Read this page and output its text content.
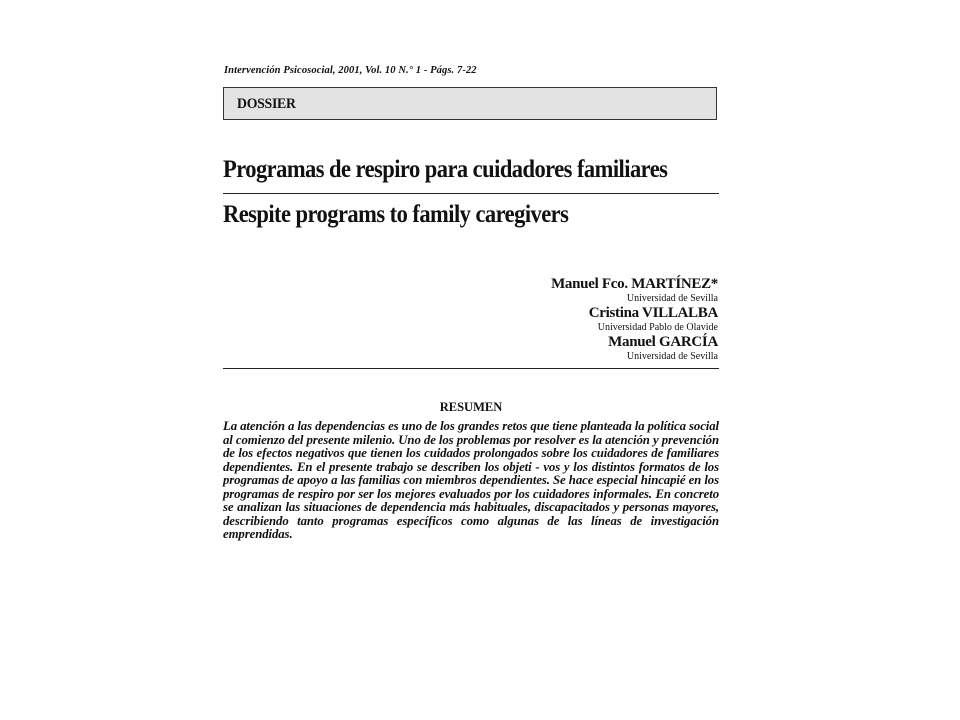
Intervención Psicosocial, 2001, Vol. 10 N.° 1 - Págs. 7-22
DOSSIER
Programas de respiro para cuidadores familiares
Respite programs to family caregivers
Manuel Fco. MARTÍNEZ*
Universidad de Sevilla
Cristina VILLALBA
Universidad Pablo de Olavide
Manuel GARCÍA
Universidad de Sevilla
RESUMEN
La atención a las dependencias es uno de los grandes retos que tiene planteada la política social al comienzo del presente milenio. Uno de los problemas por resolver es la atención y prevención de los efectos negativos que tienen los cuidados prolongados sobre los cuidadores de familiares dependientes. En el presente trabajo se describen los objeti - vos y los distintos formatos de los programas de apoyo a las familias con miembros dependientes. Se hace especial hincapié en los programas de respiro por ser los mejores evaluados por los cuidadores informales. En concreto se analizan las situaciones de dependencia más habituales, discapacitados y personas mayores, describiendo tanto programas específicos como algunas de las líneas de investigación emprendidas.
